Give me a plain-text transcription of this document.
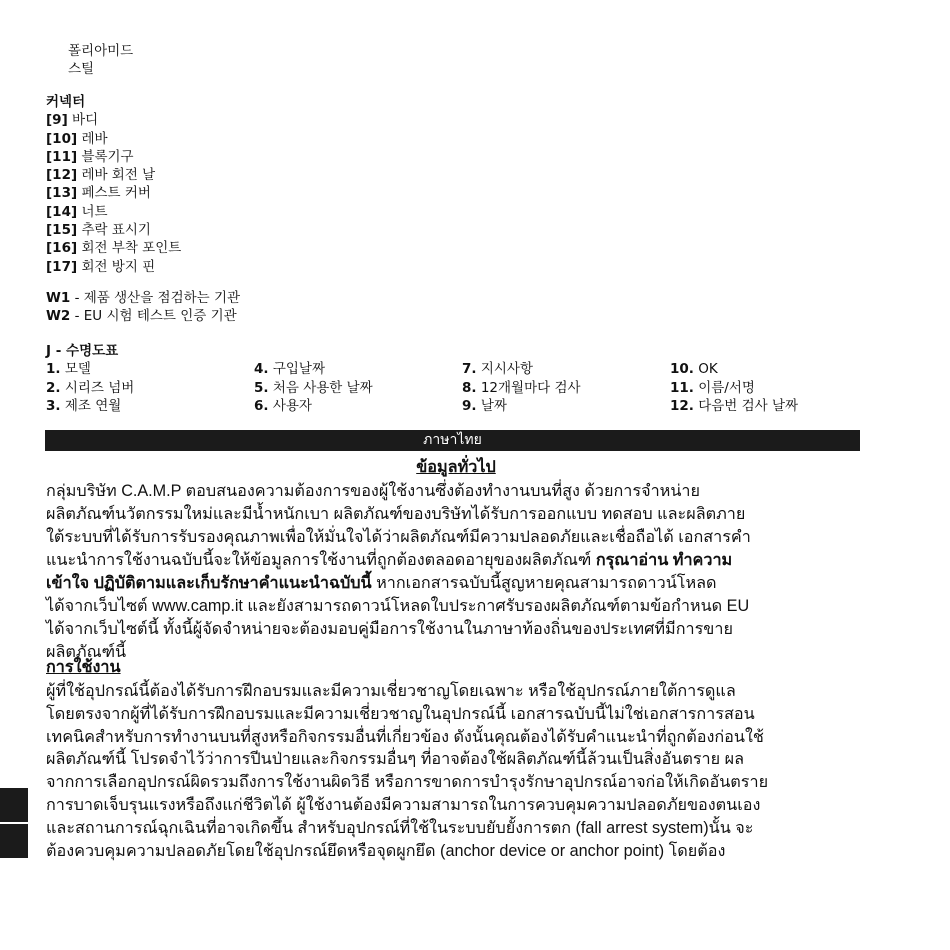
폴리아미드
스틸
커넥터
[9] 바디
[10] 레바
[11] 블록기구
[12] 레바 회전 날
[13] 페스트 커버
[14] 너트
[15] 추락 표시기
[16] 회전 부착 포인트
[17] 회전 방지 핀
W1 - 제품 생산을 점검하는 기관
W2 - EU 시험 테스트 인증 기관
J - 수명도표
1. 모델
2. 시리즈 넘버
3. 제조 연월
4. 구입날짜
5. 처음 사용한 날짜
6. 사용자
7. 지시사항
8. 12개월마다 검사
9. 날짜
10. OK
11. 이름/서명
12. 다음번 검사 날짜
ภาษาไทย
ข้อมูลทั่วไป
กลุ่มบริษัท C.A.M.P ตอบสนองความต้องการของผู้ใช้งานซึ่งต้องทำงานบนที่สูง ด้วยการจำหน่าย
ผลิตภัณฑ์นวัตกรรมใหม่และมีน้ำหนักเบา ผลิตภัณฑ์ของบริษัทได้รับการออกแบบ ทดสอบ และผลิตภาย
ใต้ระบบที่ได้รับการรับรองคุณภาพเพื่อให้มั่นใจได้ว่าผลิตภัณฑ์มีความปลอดภัยและเชื่อถือได้ เอกสารคำ
แนะนำการใช้งานฉบับนี้จะให้ข้อมูลการใช้งานที่ถูกต้องตลอดอายุของผลิตภัณฑ์ กรุณาอ่าน ทำความ
เข้าใจ ปฏิบัติตามและเก็บรักษาคำแนะนำฉบับนี้ หากเอกสารฉบับนี้สูญหายคุณสามารถดาวน์โหลด
ได้จากเว็บไซต์ www.camp.it และยังสามารถดาวน์โหลดใบประกาศรับรองผลิตภัณฑ์ตามข้อกำหนด EU
ได้จากเว็บไซต์นี้ ทั้งนี้ผู้จัดจำหน่ายจะต้องมอบคู่มือการใช้งานในภาษาท้องถิ่นของประเทศที่มีการขาย
ผลิตภัณฑ์นี้
การใช้งาน
ผู้ที่ใช้อุปกรณ์นี้ต้องได้รับการฝึกอบรมและมีความเชี่ยวชาญโดยเฉพาะ หรือใช้อุปกรณ์ภายใต้การดูแล
โดยตรงจากผู้ที่ได้รับการฝึกอบรมและมีความเชี่ยวชาญในอุปกรณ์นี้ เอกสารฉบับนี้ไม่ใช่เอกสารการสอน
เทคนิคสำหรับการทำงานบนที่สูงหรือกิจกรรมอื่นที่เกี่ยวข้อง ดังนั้นคุณต้องได้รับคำแนะนำที่ถูกต้องก่อนใช้
ผลิตภัณฑ์นี้ โปรดจำไว้ว่าการปีนป่ายและกิจกรรมอื่นๆ ที่อาจต้องใช้ผลิตภัณฑ์นี้ล้วนเป็นสิ่งอันตราย ผล
จากการเลือกอุปกรณ์ผิดรวมถึงการใช้งานผิดวิธี หรือการขาดการบำรุงรักษาอุปกรณ์อาจก่อให้เกิดอันตราย
การบาดเจ็บรุนแรงหรือถึงแก่ชีวิตได้ ผู้ใช้งานต้องมีความสามารถในการควบคุมความปลอดภัยของตนเอง
และสถานการณ์ฉุกเฉินที่อาจเกิดขึ้น สำหรับอุปกรณ์ที่ใช้ในระบบยับยั้งการตก (fall arrest system)นั้น จะ
ต้องควบคุมความปลอดภัยโดยใช้อุปกรณ์ยึดหรือจุดผูกยึด (anchor device or anchor point) โดยต้อง
